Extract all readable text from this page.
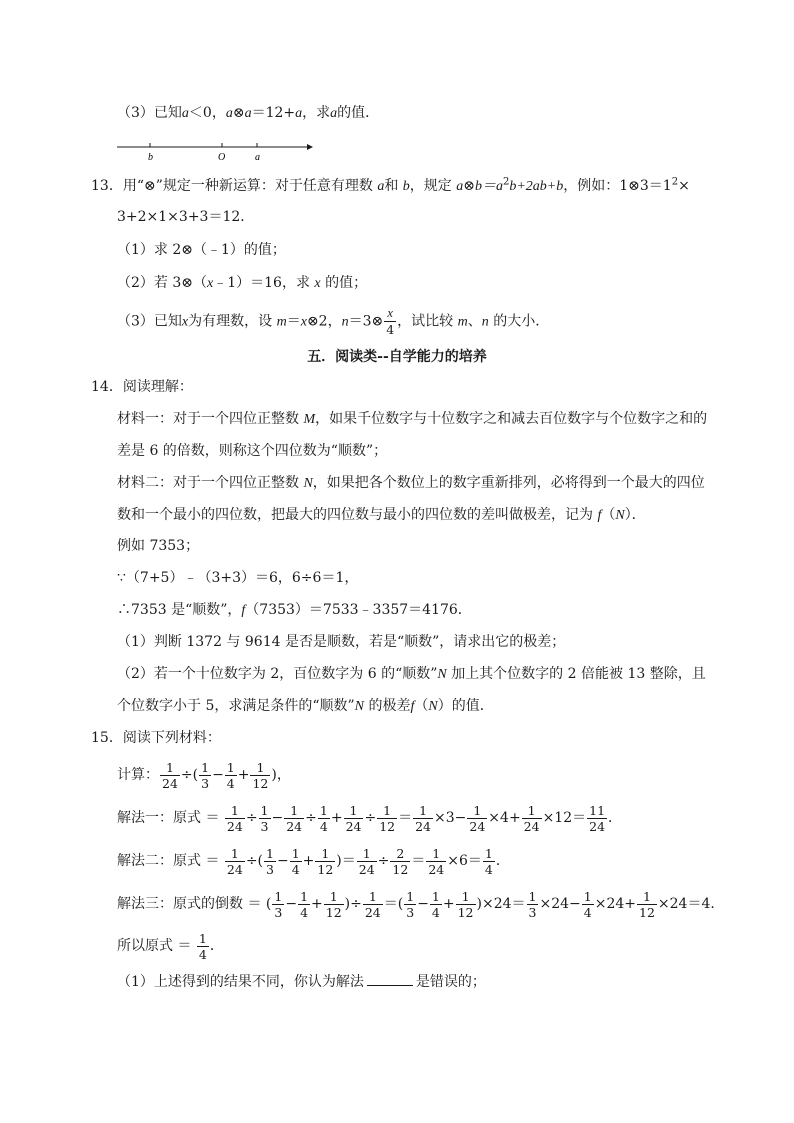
（3）已知a＜0，a⊗a＝12+a，求a的值．
b	O	a
13．用“⊗”规定一种新运算：对于任意有理数 a和 b，规定 $a\otimes b=a^2b+2ab+b$，例如：$1\otimes 3=1^2\times$
3+2×1×3+3＝12．
（1）求 2⊗（﹣1）的值；
（2）若 3⊗（x﹣1）＝16，求 x 的值；
（3）已知x为有理数，设 m＝x⊗2，n＝3⊗ $\frac{x}{4}$ ，试比较 m、n 的大小．
五．阅读类--自学能力的培养
14．阅读理解：
材料一：对于一个四位正整数 M，如果千位数字与十位数字之和减去百位数字与个位数字之和的
差是 6 的倍数，则称这个四位数为“顺数”；
材料二：对于一个四位正整数 N，如果把各个数位上的数字重新排列，必将得到一个最大的四位
数和一个最小的四位数，把最大的四位数与最小的四位数的差叫做极差，记为 f（N）．
例如 7353；
∵（7+5）﹣（3+3）＝6，6÷6＝1，
∴7353 是“顺数”，f（7353）＝7533﹣3357＝4176．
（1）判断 1372 与 9614 是否是顺数，若是“顺数”，请求出它的极差；
（2）若一个十位数字为 2，百位数字为 6 的“顺数”N 加上其个位数字的 2 倍能被 13 整除，且
个位数字小于 5，求满足条件的“顺数”N 的极差f（N）的值．
15．阅读下列材料：
计算： $\frac{1}{24}$ ÷( $\frac{1}{3} - \frac{1}{4} + \frac{1}{12}$ )，
解法一：原式 ＝ $\frac{1}{24} \div \frac{1}{3} - \frac{1}{24} \div \frac{1}{4} + \frac{1}{24} \div \frac{1}{12} = \frac{1}{24} \times 3- \frac{1}{24} \times 4+ \frac{1}{24} \times 12= \frac{11}{24}$ ．
解法二：原式 ＝ $\frac{1}{24}$ ÷( $\frac{1}{3} - \frac{1}{4} + \frac{1}{12}$ )＝ $\frac{1}{24} \div \frac{2}{12} = \frac{1}{24} \times 6= \frac{1}{4}$ ．
解法三：原式的倒数 ＝ ( $\frac{1}{3} - \frac{1}{4} + \frac{1}{12}$ )÷ $\frac{1}{24}$ ＝( $\frac{1}{3} - \frac{1}{4} + \frac{1}{12} )\times 24= \frac{1}{3} \times 24- \frac{1}{4} \times 24+ \frac{1}{12} \times 24=4$．
所以原式 ＝ $\frac{1}{4}$ ．
（1）上述得到的结果不同，你认为解法	是错误的；
